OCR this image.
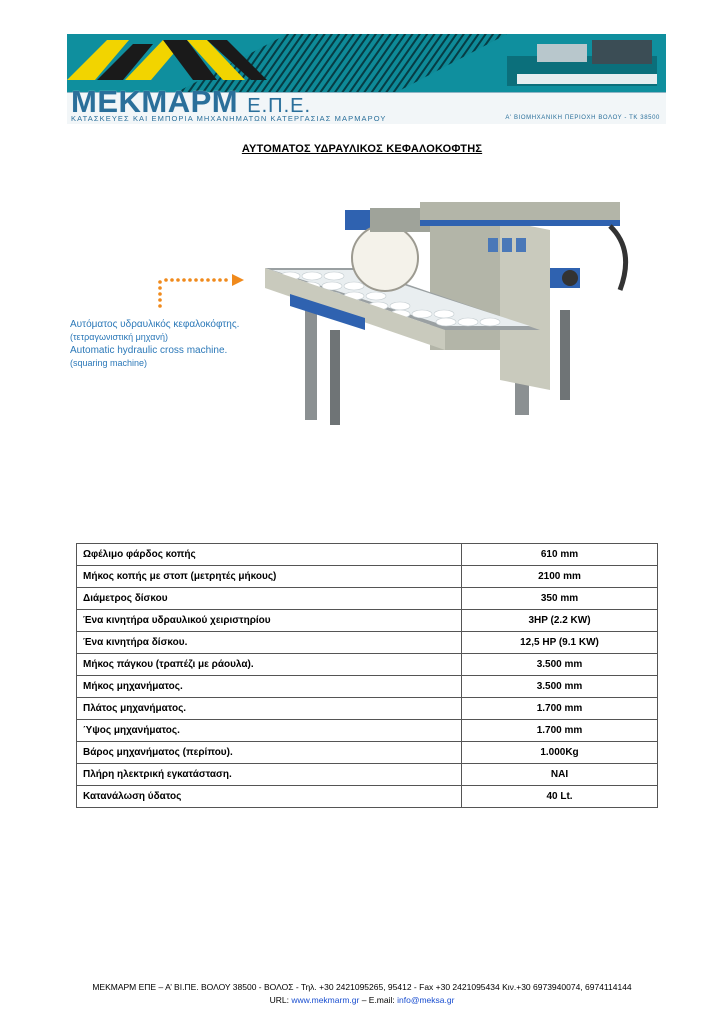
ΜΕΚΜΑΡΜ Ε.Π.Ε.
ΚΑΤΑΣΚΕΥΕΣ ΚΑΙ ΕΜΠΟΡΙΑ ΜΗΧΑΝΗΜΑΤΩΝ ΚΑΤΕΡΓΑΣΙΑΣ ΜΑΡΜΑΡΟΥ	Α' ΒΙΟΜΗΧΑΝΙΚΗ ΠΕΡΙΟΧΗ ΒΟΛΟΥ - ΤΚ 38500
ΑΥΤΟΜΑΤΟΣ ΥΔΡΑΥΛΙΚΟΣ ΚΕΦΑΛΟΚΟΦΤΗΣ
Αυτόματος υδραυλικός κεφαλοκόφτης.
(τετραγωνιστική μηχανή)
Automatic hydraulic cross machine.
(squaring machine)
Ωφέλιμο φάρδος κοπής	610 mm
Μήκος κοπής με στοπ (μετρητές μήκους)	2100 mm
Διάμετρος δίσκου	350 mm
Ένα κινητήρα υδραυλικού χειριστηρίου	3HP (2.2 KW)
Ένα κινητήρα δίσκου.	12,5 HP (9.1 KW)
Μήκος πάγκου (τραπέζι με ράουλα).	3.500 mm
Μήκος μηχανήματος.	3.500 mm
Πλάτος μηχανήματος.	1.700 mm
Ύψος μηχανήματος.	1.700 mm
Βάρος μηχανήματος (περίπου).	1.000Kg
Πλήρη ηλεκτρική εγκατάσταση.	ΝΑΙ
Κατανάλωση ύδατος	40 Lt.
ΜΕΚΜΑΡΜ ΕΠΕ – Α’ ΒΙ.ΠΕ. ΒΟΛΟΥ 38500 - ΒΟΛΟΣ - Τηλ. +30 2421095265, 95412 - Fax +30 2421095434 Κιν.+30 6973940074, 6974114144
URL: www.mekmarm.gr – E.mail: info@meksa.gr
